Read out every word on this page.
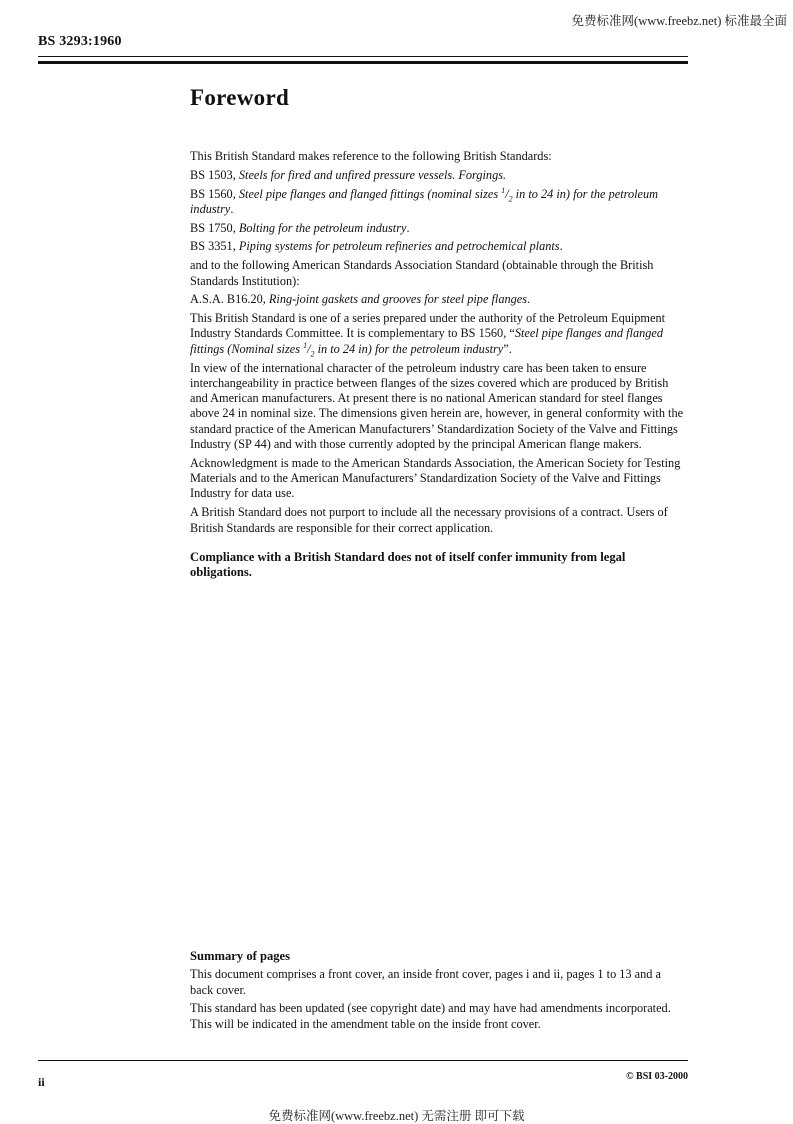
免费标准网(www.freebz.net) 标准最全面
BS 3293:1960
Foreword

This British Standard makes reference to the following British Standards:

BS 1503, Steels for fired and unfired pressure vessels. Forgings.

BS 1560, Steel pipe flanges and flanged fittings (nominal sizes $^1/_2$ in to 24 in) for the petroleum industry.

BS 1750, Bolting for the petroleum industry.

BS 3351, Piping systems for petroleum refineries and petrochemical plants.

and to the following American Standards Association Standard (obtainable through the British Standards Institution):

A.S.A. B16.20, Ring-joint gaskets and grooves for steel pipe flanges.

This British Standard is one of a series prepared under the authority of the Petroleum Equipment Industry Standards Committee. It is complementary to BS 1560, “Steel pipe flanges and flanged fittings (Nominal sizes $^1/_2$ in to 24 in) for the petroleum industry”.

In view of the international character of the petroleum industry care has been taken to ensure interchangeability in practice between flanges of the sizes covered which are produced by British and American manufacturers. At present there is no national American standard for steel flanges above 24 in nominal size. The dimensions given herein are, however, in general conformity with the standard practice of the American Manufacturers’ Standardization Society of the Valve and Fittings Industry (SP 44) and with those currently adopted by the principal American flange makers.

Acknowledgment is made to the American Standards Association, the American Society for Testing Materials and to the American Manufacturers’ Standardization Society of the Valve and Fittings Industry for data use.

A British Standard does not purport to include all the necessary provisions of a contract. Users of British Standards are responsible for their correct application.

Compliance with a British Standard does not of itself confer immunity from legal obligations.

Summary of pages

This document comprises a front cover, an inside front cover, pages i and ii, pages 1 to 13 and a back cover.

This standard has been updated (see copyright date) and may have had amendments incorporated. This will be indicated in the amendment table on the inside front cover.

ii	© BSI 03-2000
免费标准网(www.freebz.net) 无需注册 即可下载
